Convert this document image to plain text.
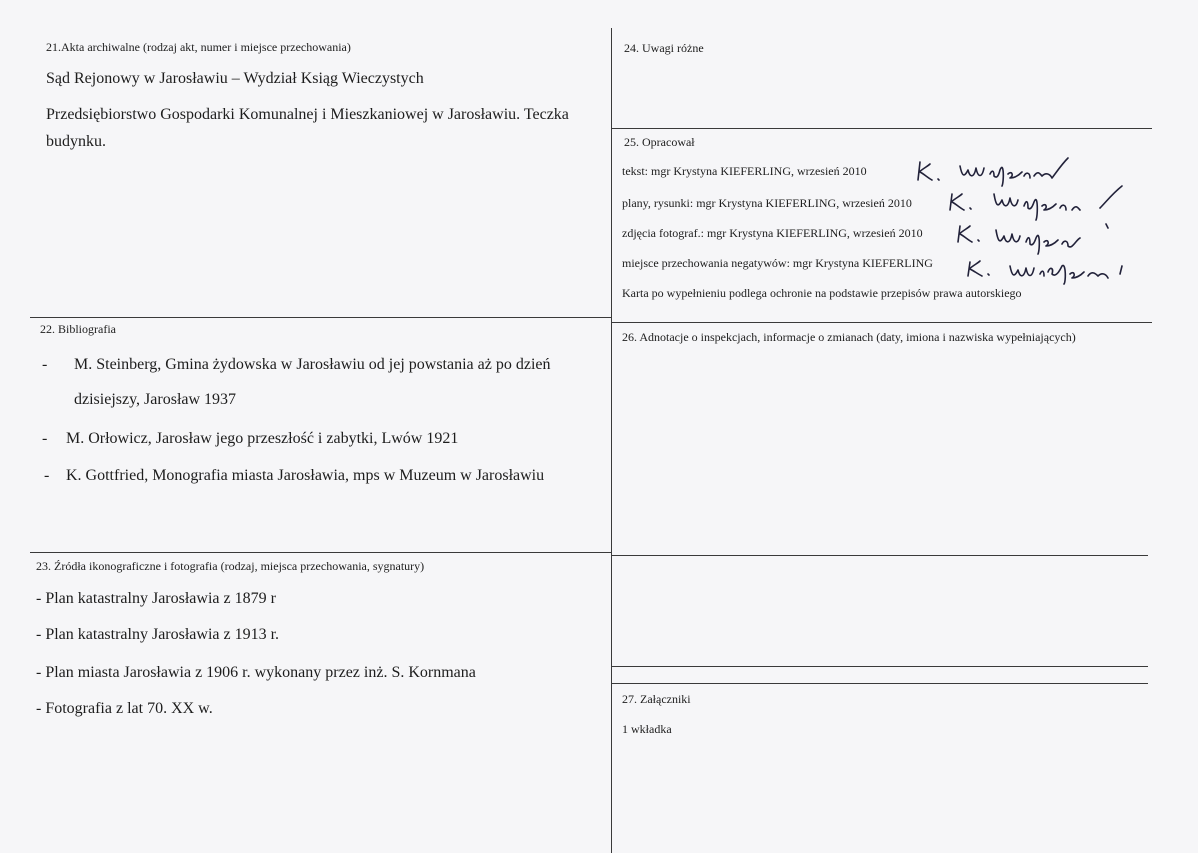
21.Akta archiwalne (rodzaj akt, numer i miejsce przechowania)
Sąd Rejonowy w Jarosławiu – Wydział Ksiąg Wieczystych
Przedsiębiorstwo Gospodarki Komunalnej i Mieszkaniowej w Jarosławiu. Teczka
budynku.
22. Bibliografia
- M. Steinberg, Gmina żydowska w Jarosławiu od jej powstania aż po dzień
dzisiejszy, Jarosław 1937
- M. Orłowicz, Jarosław jego przeszłość i zabytki, Lwów 1921
- K. Gottfried, Monografia miasta Jarosławia, mps w Muzeum w Jarosławiu
23. Źródła ikonograficzne i fotografia (rodzaj, miejsca przechowania, sygnatury)
- Plan katastralny Jarosławia z 1879 r
- Plan katastralny Jarosławia z 1913 r.
- Plan miasta Jarosławia z 1906 r. wykonany przez inż. S. Kornmana
- Fotografia z lat 70. XX w.
24. Uwagi różne
25. Opracował
tekst: mgr Krystyna KIEFERLING, wrzesień 2010
plany, rysunki: mgr Krystyna KIEFERLING, wrzesień 2010
zdjęcia fotograf.: mgr Krystyna KIEFERLING, wrzesień 2010
miejsce przechowania negatywów: mgr Krystyna KIEFERLING
Karta po wypełnieniu podlega ochronie na podstawie przepisów prawa autorskiego
26. Adnotacje o inspekcjach, informacje o zmianach (daty, imiona i nazwiska wypełniających)
27. Załączniki
1 wkładka
